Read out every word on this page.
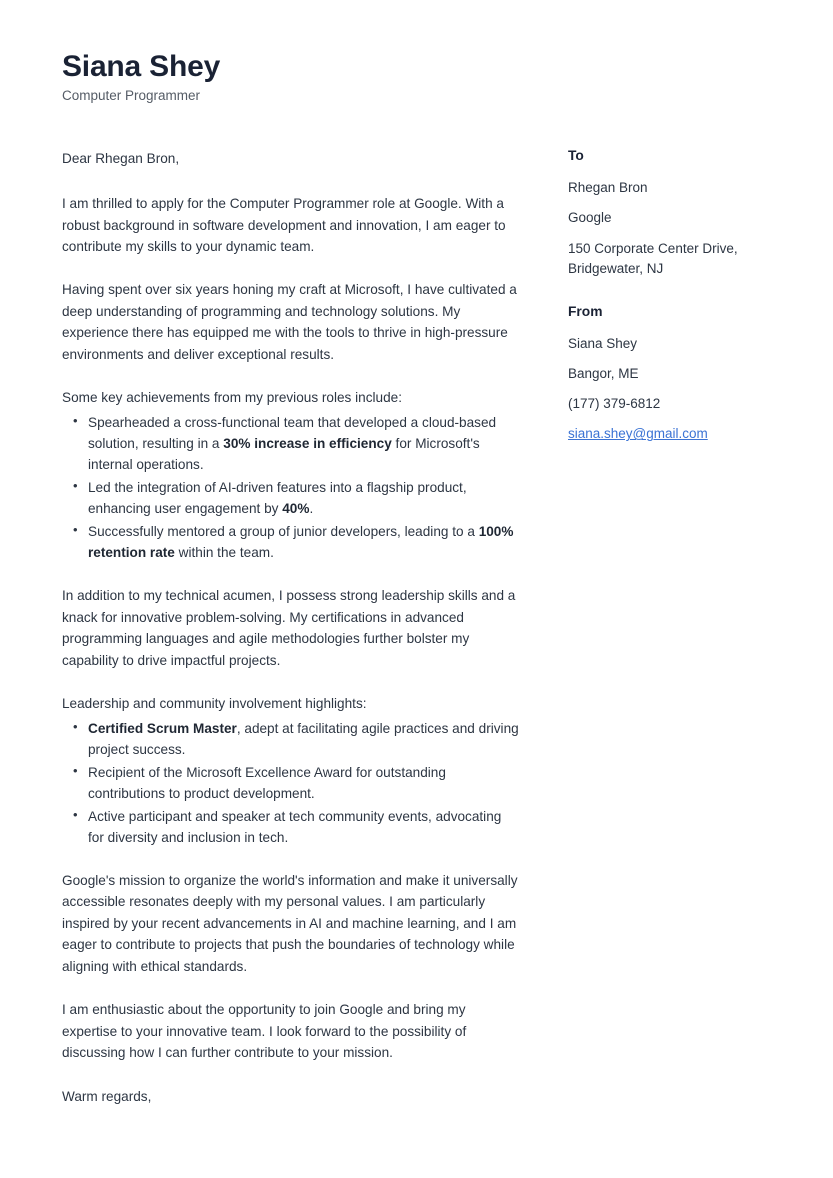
Siana Shey
Computer Programmer

Dear Rhegan Bron,

I am thrilled to apply for the Computer Programmer role at Google. With a robust background in software development and innovation, I am eager to contribute my skills to your dynamic team.

Having spent over six years honing my craft at Microsoft, I have cultivated a deep understanding of programming and technology solutions. My experience there has equipped me with the tools to thrive in high-pressure environments and deliver exceptional results.

Some key achievements from my previous roles include:

• Spearheaded a cross-functional team that developed a cloud-based solution, resulting in a 30% increase in efficiency for Microsoft's internal operations.
• Led the integration of AI-driven features into a flagship product, enhancing user engagement by 40%.
• Successfully mentored a group of junior developers, leading to a 100% retention rate within the team.

In addition to my technical acumen, I possess strong leadership skills and a knack for innovative problem-solving. My certifications in advanced programming languages and agile methodologies further bolster my capability to drive impactful projects.

Leadership and community involvement highlights:

• Certified Scrum Master, adept at facilitating agile practices and driving project success.
• Recipient of the Microsoft Excellence Award for outstanding contributions to product development.
• Active participant and speaker at tech community events, advocating for diversity and inclusion in tech.

Google's mission to organize the world's information and make it universally accessible resonates deeply with my personal values. I am particularly inspired by your recent advancements in AI and machine learning, and I am eager to contribute to projects that push the boundaries of technology while aligning with ethical standards.

I am enthusiastic about the opportunity to join Google and bring my expertise to your innovative team. I look forward to the possibility of discussing how I can further contribute to your mission.

Warm regards,

To
Rhegan Bron
Google
150 Corporate Center Drive,
Bridgewater, NJ
From
Siana Shey
Bangor, ME
(177) 379-6812
siana.shey@gmail.com
